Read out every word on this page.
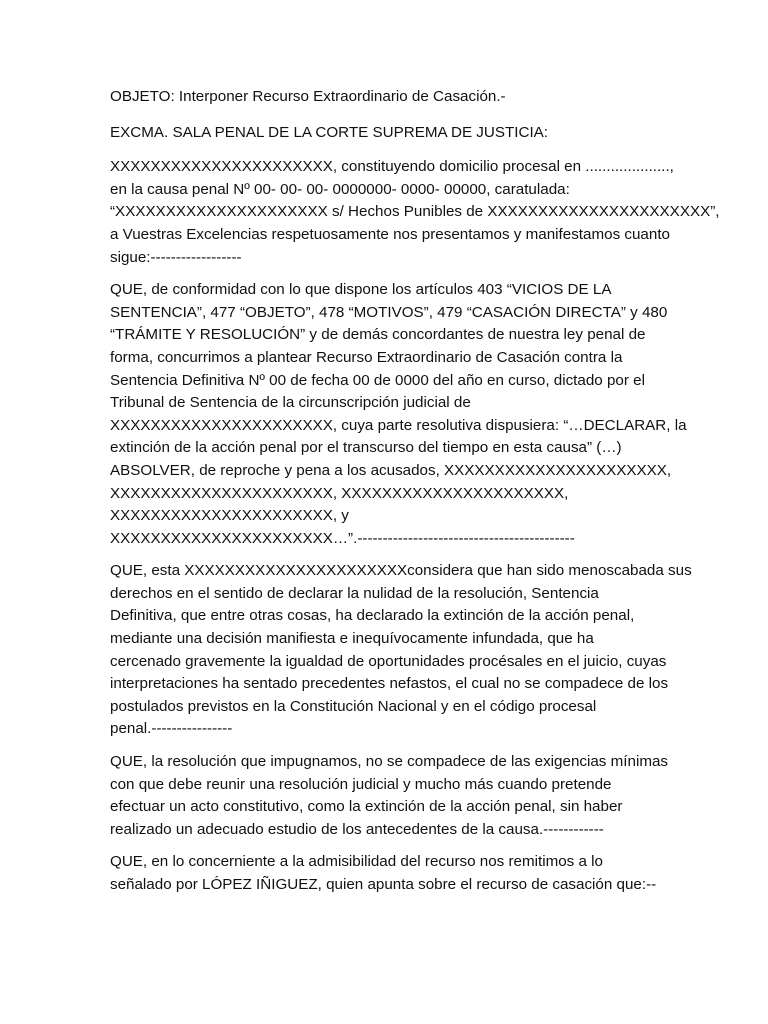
OBJETO: Interponer Recurso Extraordinario de Casación.-
EXCMA. SALA PENAL DE LA CORTE SUPREMA DE JUSTICIA:
XXXXXXXXXXXXXXXXXXXXXX, constituyendo domicilio procesal en ....................,
en la causa penal Nº 00- 00- 00- 0000000- 0000- 00000, caratulada:
“XXXXXXXXXXXXXXXXXXXXX s/ Hechos Punibles de XXXXXXXXXXXXXXXXXXXXXX”,
a Vuestras Excelencias respetuosamente nos presentamos y manifestamos cuanto
sigue:------------------
QUE, de conformidad con lo que dispone los artículos 403 “VICIOS DE LA
SENTENCIA”, 477 “OBJETO”, 478 “MOTIVOS”, 479 “CASACIÓN DIRECTA” y 480
“TRÁMITE Y RESOLUCIÓN” y de demás concordantes de nuestra ley penal de
forma, concurrimos a plantear Recurso Extraordinario de Casación contra la
Sentencia Definitiva Nº 00 de fecha 00 de 0000 del año en curso, dictado por el
Tribunal de Sentencia de la circunscripción judicial de
XXXXXXXXXXXXXXXXXXXXXX, cuya parte resolutiva dispusiera: “…DECLARAR, la
extinción de la acción penal por el transcurso del tiempo en esta causa” (…)
ABSOLVER, de reproche y pena a los acusados, XXXXXXXXXXXXXXXXXXXXXX,
XXXXXXXXXXXXXXXXXXXXXX, XXXXXXXXXXXXXXXXXXXXXX,
XXXXXXXXXXXXXXXXXXXXXX, y
XXXXXXXXXXXXXXXXXXXXXX…”.-------------------------------------------
QUE, esta XXXXXXXXXXXXXXXXXXXXXXconsidera que han sido menoscabada sus
derechos en el sentido de declarar la nulidad de la resolución, Sentencia
Definitiva, que entre otras cosas, ha declarado la extinción de la acción penal,
mediante una decisión manifiesta e inequívocamente infundada, que ha
cercenado gravemente la igualdad de oportunidades procésales en el juicio, cuyas
interpretaciones ha sentado precedentes nefastos, el cual no se compadece de los
postulados previstos en la Constitución Nacional y en el código procesal
penal.----------------
QUE, la resolución que impugnamos, no se compadece de las exigencias mínimas
con que debe reunir una resolución judicial y mucho más cuando pretende
efectuar un acto constitutivo, como la extinción de la acción penal, sin haber
realizado un adecuado estudio de los antecedentes de la causa.------------
QUE, en lo concerniente a la admisibilidad del recurso nos remitimos a lo
señalado por LÓPEZ IÑIGUEZ, quien apunta sobre el recurso de casación que:--
